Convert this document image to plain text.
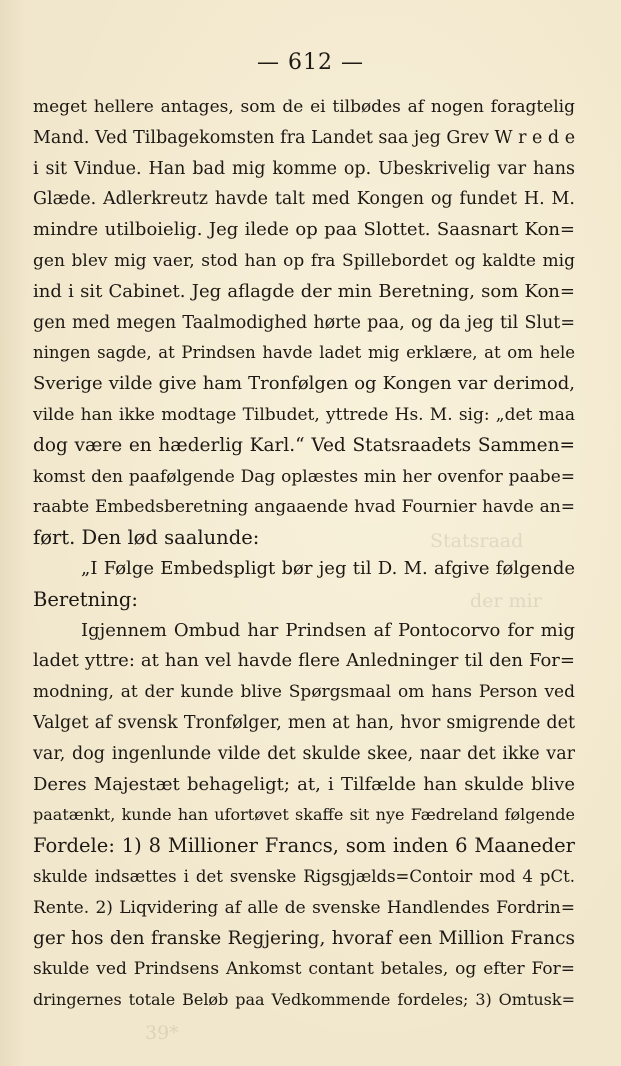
Statsraad
der mir
39*
— 612 —
meget hellere antages, som de ei tilbødes af nogen foragtelig
Mand. Ved Tilbagekomsten fra Landet saa jeg Grev W r e d e
i sit Vindue. Han bad mig komme op. Ubeskrivelig var hans
Glæde. Adlerkreutz havde talt med Kongen og fundet H. M.
mindre utilboielig. Jeg ilede op paa Slottet. Saasnart Kon=
gen blev mig vaer, stod han op fra Spillebordet og kaldte mig
ind i sit Cabinet. Jeg aflagde der min Beretning, som Kon=
gen med megen Taalmodighed hørte paa, og da jeg til Slut=
ningen sagde, at Prindsen havde ladet mig erklære, at om hele
Sverige vilde give ham Tronfølgen og Kongen var derimod,
vilde han ikke modtage Tilbudet, yttrede Hs. M. sig: „det maa
dog være en hæderlig Karl.“ Ved Statsraadets Sammen=
komst den paafølgende Dag oplæstes min her ovenfor paabe=
raabte Embedsberetning angaaende hvad Fournier havde an=
ført. Den lød saalunde:
„I Følge Embedspligt bør jeg til D. M. afgive følgende
Beretning:
Igjennem Ombud har Prindsen af Pontocorvo for mig
ladet yttre: at han vel havde flere Anledninger til den For=
modning, at der kunde blive Spørgsmaal om hans Person ved
Valget af svensk Tronfølger, men at han, hvor smigrende det
var, dog ingenlunde vilde det skulde skee, naar det ikke var
Deres Majestæt behageligt; at, i Tilfælde han skulde blive
paatænkt, kunde han ufortøvet skaffe sit nye Fædreland følgende
Fordele: 1) 8 Millioner Francs, som inden 6 Maaneder
skulde indsættes i det svenske Rigsgjælds=Contoir mod 4 pCt.
Rente. 2) Liqvidering af alle de svenske Handlendes Fordrin=
ger hos den franske Regjering, hvoraf een Million Francs
skulde ved Prindsens Ankomst contant betales, og efter For=
dringernes totale Beløb paa Vedkommende fordeles; 3) Omtusk=
